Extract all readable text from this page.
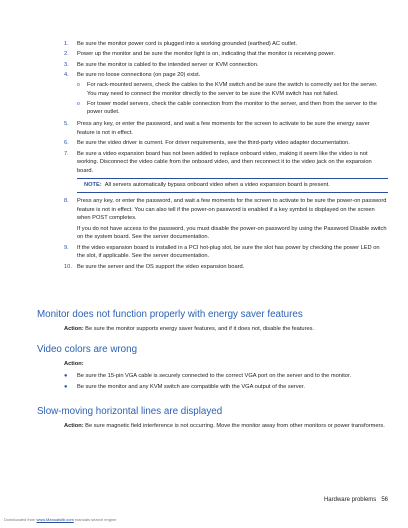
1.	Be sure the monitor power cord is plugged into a working grounded (earthed) AC outlet.
2.	Power up the monitor and be sure the monitor light is on, indicating that the monitor is receiving power.
3.	Be sure the monitor is cabled to the intended server or KVM connection.
4.	Be sure no loose connections (on page 20) exist.
o	For rack-mounted servers, check the cables to the KVM switch and be sure the switch is correctly set for the server. You may need to connect the monitor directly to the server to be sure the KVM switch has not failed.
o	For tower model servers, check the cable connection from the monitor to the server, and then from the server to the power outlet.
5.	Press any key, or enter the password, and wait a few moments for the screen to activate to be sure the energy saver feature is not in effect.
6.	Be sure the video driver is current. For driver requirements, see the third-party video adapter documentation.
7.	Be sure a video expansion board has not been added to replace onboard video, making it seem like the video is not working. Disconnect the video cable from the onboard video, and then reconnect it to the video jack on the expansion board.
NOTE: All servers automatically bypass onboard video when a video expansion board is present.
8.	Press any key, or enter the password, and wait a few moments for the screen to activate to be sure the power-on password feature is not in effect. You can also tell if the power-on password is enabled if a key symbol is displayed on the screen when POST completes.
If you do not have access to the password, you must disable the power-on password by using the Password Disable switch on the system board. See the server documentation.
9.	If the video expansion board is installed in a PCI hot-plug slot, be sure the slot has power by checking the power LED on the slot, if applicable. See the server documentation.
10. Be sure the server and the OS support the video expansion board.
Monitor does not function properly with energy saver features
Action: Be sure the monitor supports energy saver features, and if it does not, disable the features.
Video colors are wrong
Action:
●	Be sure the 15-pin VGA cable is securely connected to the correct VGA port on the server and to the monitor.
●	Be sure the monitor and any KVM switch are compatible with the VGA output of the server.
Slow-moving horizontal lines are displayed
Action: Be sure magnetic field interference is not occurring. Move the monitor away from other monitors or power transformers.
Hardware problems 56
Downloaded from www.Manualslib.com manuals search engine
